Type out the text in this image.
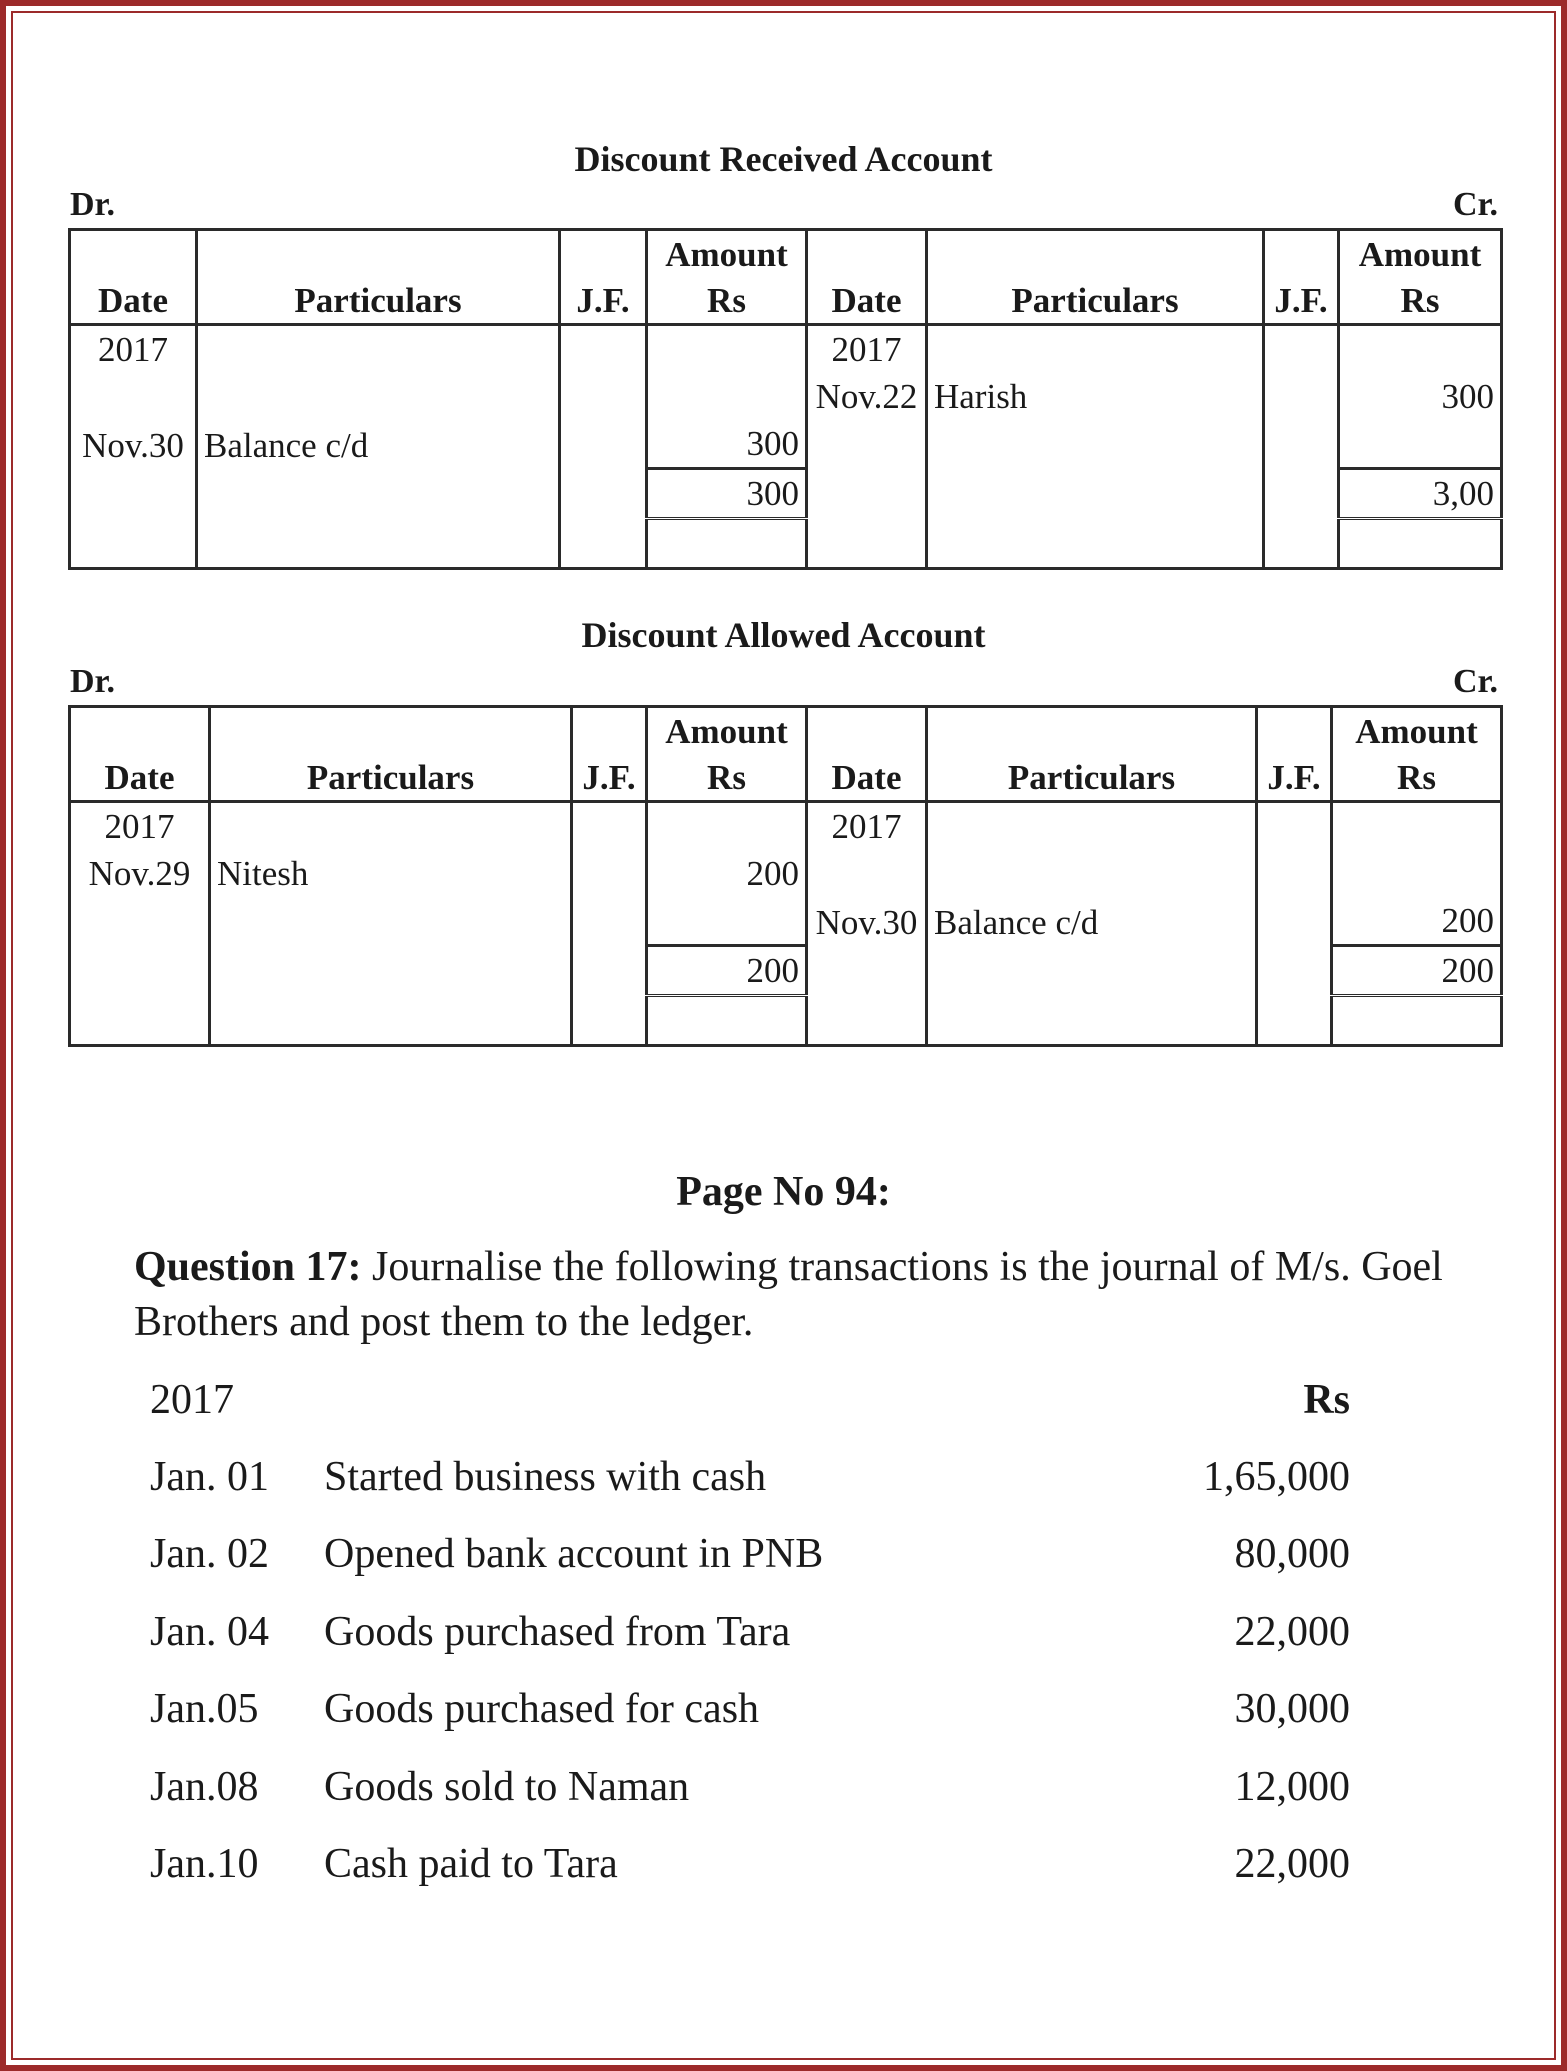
Discount Received Account
Dr.	Cr.
			Amount				Amount
Date	Particulars	J.F.	Rs	Date	Particulars	J.F.	Rs
2017				2017			
				Nov.22	Harish		300
Nov.30	Balance c/d		300				
			300				3,00

Discount Allowed Account
Dr.	Cr.
			Amount				Amount
Date	Particulars	J.F.	Rs	Date	Particulars	J.F.	Rs
2017				2017			
Nov.29	Nitesh		200				
				Nov.30	Balance c/d		200
			200				200

Page No 94:
Question 17: Journalise the following transactions is the journal of M/s. Goel Brothers and post them to the ledger.
2017	Rs
Jan. 01 Started business with cash	1,65,000
Jan. 02 Opened bank account in PNB	80,000
Jan. 04 Goods purchased from Tara	22,000
Jan.05 Goods purchased for cash	30,000
Jan.08 Goods sold to Naman	12,000
Jan.10 Cash paid to Tara	22,000
